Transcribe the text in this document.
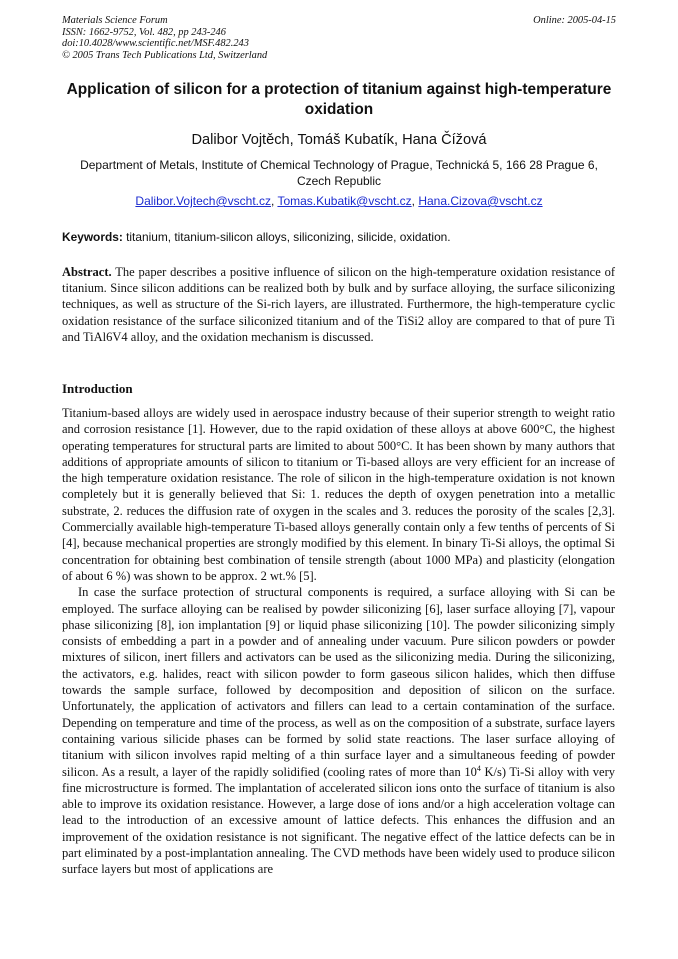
Materials Science Forum
ISSN: 1662-9752, Vol. 482, pp 243-246
doi:10.4028/www.scientific.net/MSF.482.243
© 2005 Trans Tech Publications Ltd, Switzerland
Online: 2005-04-15
Application of silicon for a protection of titanium against high-temperature oxidation
Dalibor Vojtěch, Tomáš Kubatík, Hana Čížová
Department of Metals, Institute of Chemical Technology of Prague, Technická 5, 166 28 Prague 6, Czech Republic
Dalibor.Vojtech@vscht.cz, Tomas.Kubatik@vscht.cz, Hana.Cizova@vscht.cz
Keywords: titanium, titanium-silicon alloys, siliconizing, silicide, oxidation.
Abstract. The paper describes a positive influence of silicon on the high-temperature oxidation resistance of titanium. Since silicon additions can be realized both by bulk and by surface alloying, the surface siliconizing techniques, as well as structure of the Si-rich layers, are illustrated. Furthermore, the high-temperature cyclic oxidation resistance of the surface siliconized titanium and of the TiSi2 alloy are compared to that of pure Ti and TiAl6V4 alloy, and the oxidation mechanism is discussed.
Introduction

Titanium-based alloys are widely used in aerospace industry because of their superior strength to weight ratio and corrosion resistance [1]. However, due to the rapid oxidation of these alloys at above 600°C, the highest operating temperatures for structural parts are limited to about 500°C. It has been shown by many authors that additions of appropriate amounts of silicon to titanium or Ti-based alloys are very efficient for an increase of the high temperature oxidation resistance. The role of silicon in the high-temperature oxidation is not known completely but it is generally believed that Si: 1. reduces the depth of oxygen penetration into a metallic substrate, 2. reduces the diffusion rate of oxygen in the scales and 3. reduces the porosity of the scales [2,3]. Commercially available high-temperature Ti-based alloys generally contain only a few tenths of percents of Si [4], because mechanical properties are strongly modified by this element. In binary Ti-Si alloys, the optimal Si concentration for obtaining best combination of tensile strength (about 1000 MPa) and plasticity (elongation of about 6 %) was shown to be approx. 2 wt.% [5].

In case the surface protection of structural components is required, a surface alloying with Si can be employed. The surface alloying can be realised by powder siliconizing [6], laser surface alloying [7], vapour phase siliconizing [8], ion implantation [9] or liquid phase siliconizing [10]. The powder siliconizing simply consists of embedding a part in a powder and of annealing under vacuum. Pure silicon powders or powder mixtures of silicon, inert fillers and activators can be used as the siliconizing media. During the siliconizing, the activators, e.g. halides, react with silicon powder to form gaseous silicon halides, which then diffuse towards the sample surface, followed by decomposition and deposition of silicon on the surface. Unfortunately, the application of activators and fillers can lead to a certain contamination of the surface. Depending on temperature and time of the process, as well as on the composition of a substrate, surface layers containing various silicide phases can be formed by solid state reactions. The laser surface alloying of titanium with silicon involves rapid melting of a thin surface layer and a simultaneous feeding of powder silicon. As a result, a layer of the rapidly solidified (cooling rates of more than $10^4$ K/s) Ti-Si alloy with very fine microstructure is formed. The implantation of accelerated silicon ions onto the surface of titanium is also able to improve its oxidation resistance. However, a large dose of ions and/or a high acceleration voltage can lead to the introduction of an excessive amount of lattice defects. This enhances the diffusion and an improvement of the oxidation resistance is not significant. The negative effect of the lattice defects can be in part eliminated by a post-implantation annealing. The CVD methods have been widely used to produce silicon surface layers but most of applications are
